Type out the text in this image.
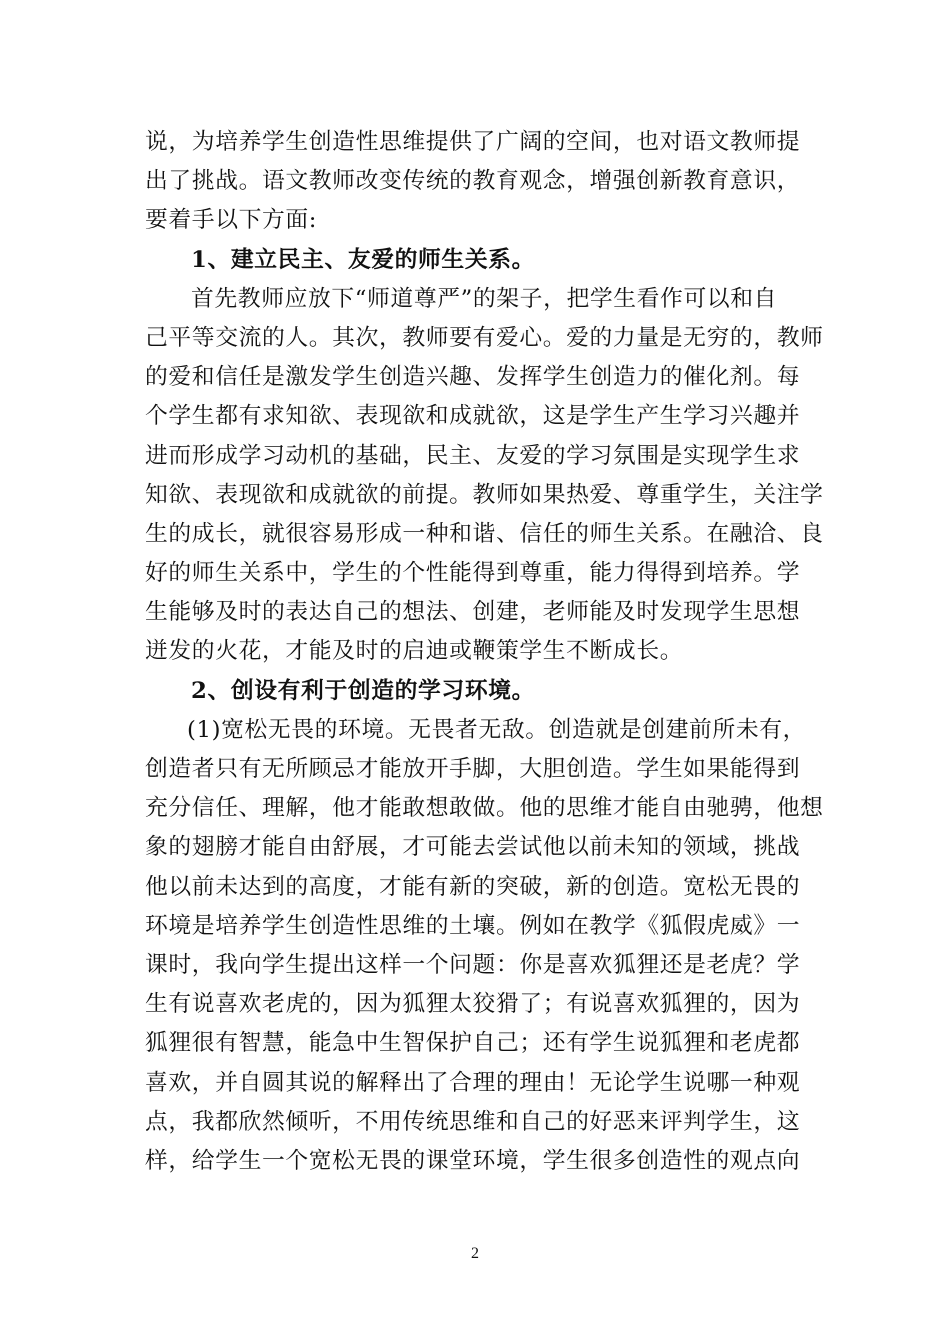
说，为培养学生创造性思维提供了广阔的空间，也对语文教师提
出了挑战。语文教师改变传统的教育观念，增强创新教育意识，
要着手以下方面:
1、建立民主、友爱的师生关系。
首先教师应放下“师道尊严”的架子，把学生看作可以和自
己平等交流的人。其次，教师要有爱心。爱的力量是无穷的，教师
的爱和信任是激发学生创造兴趣、发挥学生创造力的催化剂。每
个学生都有求知欲、表现欲和成就欲，这是学生产生学习兴趣并
进而形成学习动机的基础，民主、友爱的学习氛围是实现学生求
知欲、表现欲和成就欲的前提。教师如果热爱、尊重学生，关注学
生的成长，就很容易形成一种和谐、信任的师生关系。在融洽、良
好的师生关系中，学生的个性能得到尊重，能力得得到培养。学
生能够及时的表达自己的想法、创建，老师能及时发现学生思想
迸发的火花，才能及时的启迪或鞭策学生不断成长。
2、创设有利于创造的学习环境。
(1)宽松无畏的环境。无畏者无敌。创造就是创建前所未有，
创造者只有无所顾忌才能放开手脚，大胆创造。学生如果能得到
充分信任、理解，他才能敢想敢做。他的思维才能自由驰骋，他想
象的翅膀才能自由舒展，才可能去尝试他以前未知的领域，挑战
他以前未达到的高度，才能有新的突破，新的创造。宽松无畏的
环境是培养学生创造性思维的土壤。例如在教学《狐假虎威》一
课时，我向学生提出这样一个问题：你是喜欢狐狸还是老虎？学
生有说喜欢老虎的，因为狐狸太狡猾了；有说喜欢狐狸的，因为
狐狸很有智慧，能急中生智保护自己；还有学生说狐狸和老虎都
喜欢，并自圆其说的解释出了合理的理由！无论学生说哪一种观
点，我都欣然倾听，不用传统思维和自己的好恶来评判学生，这
样，给学生一个宽松无畏的课堂环境，学生很多创造性的观点向
2
